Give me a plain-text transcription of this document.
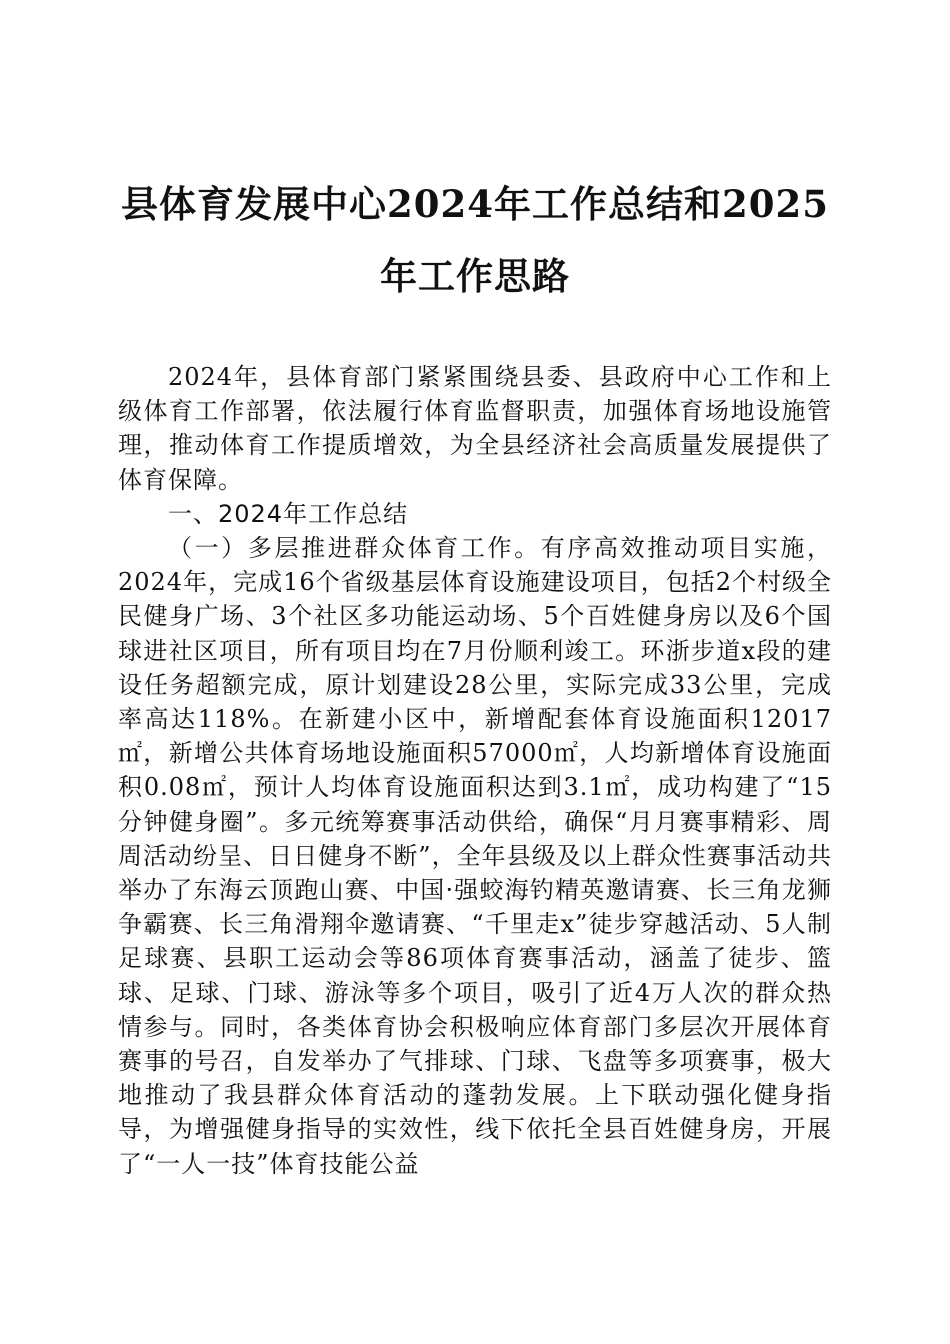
县体育发展中心2024年工作总结和2025年工作思路

2024年，县体育部门紧紧围绕县委、县政府中心工作和上级体育工作部署，依法履行体育监督职责，加强体育场地设施管理，推动体育工作提质增效，为全县经济社会高质量发展提供了体育保障。

一、2024年工作总结

（一）多层推进群众体育工作。有序高效推动项目实施，2024年，完成16个省级基层体育设施建设项目，包括2个村级全民健身广场、3个社区多功能运动场、5个百姓健身房以及6个国球进社区项目，所有项目均在7月份顺利竣工。环浙步道x段的建设任务超额完成，原计划建设28公里，实际完成33公里，完成率高达118%。在新建小区中，新增配套体育设施面积12017㎡，新增公共体育场地设施面积57000㎡，人均新增体育设施面积0.08㎡，预计人均体育设施面积达到3.1㎡，成功构建了“15分钟健身圈”。多元统筹赛事活动供给，确保“月月赛事精彩、周周活动纷呈、日日健身不断”，全年县级及以上群众性赛事活动共举办了东海云顶跑山赛、中国·强蛟海钓精英邀请赛、长三角龙狮争霸赛、长三角滑翔伞邀请赛、“千里走x”徒步穿越活动、5人制足球赛、县职工运动会等86项体育赛事活动，涵盖了徒步、篮球、足球、门球、游泳等多个项目，吸引了近4万人次的群众热情参与。同时，各类体育协会积极响应体育部门多层次开展体育赛事的号召，自发举办了气排球、门球、飞盘等多项赛事，极大地推动了我县群众体育活动的蓬勃发展。上下联动强化健身指导，为增强健身指导的实效性，线下依托全县百姓健身房，开展了“一人一技”体育技能公益
